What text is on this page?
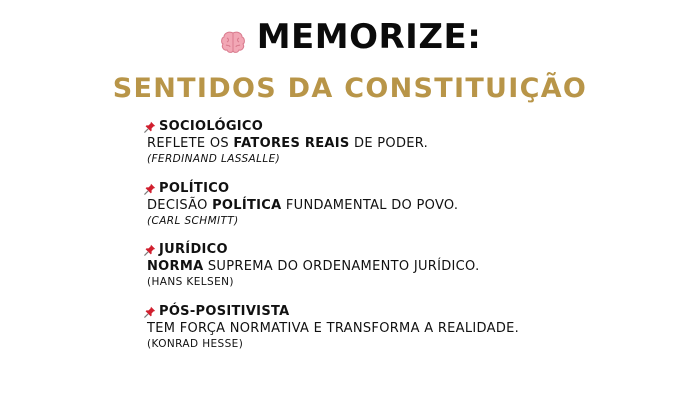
MEMORIZE:
SENTIDOS DA CONSTITUIÇÃO
SOCIOLÓGICO
REFLETE OS FATORES REAIS DE PODER.
(FERDINAND LASSALLE)
POLÍTICO
DECISÃO POLÍTICA FUNDAMENTAL DO POVO.
(CARL SCHMITT)
JURÍDICO
NORMA SUPREMA DO ORDENAMENTO JURÍDICO.
(HANS KELSEN)
PÓS-POSITIVISTA
TEM FORÇA NORMATIVA E TRANSFORMA A REALIDADE.
(KONRAD HESSE)
